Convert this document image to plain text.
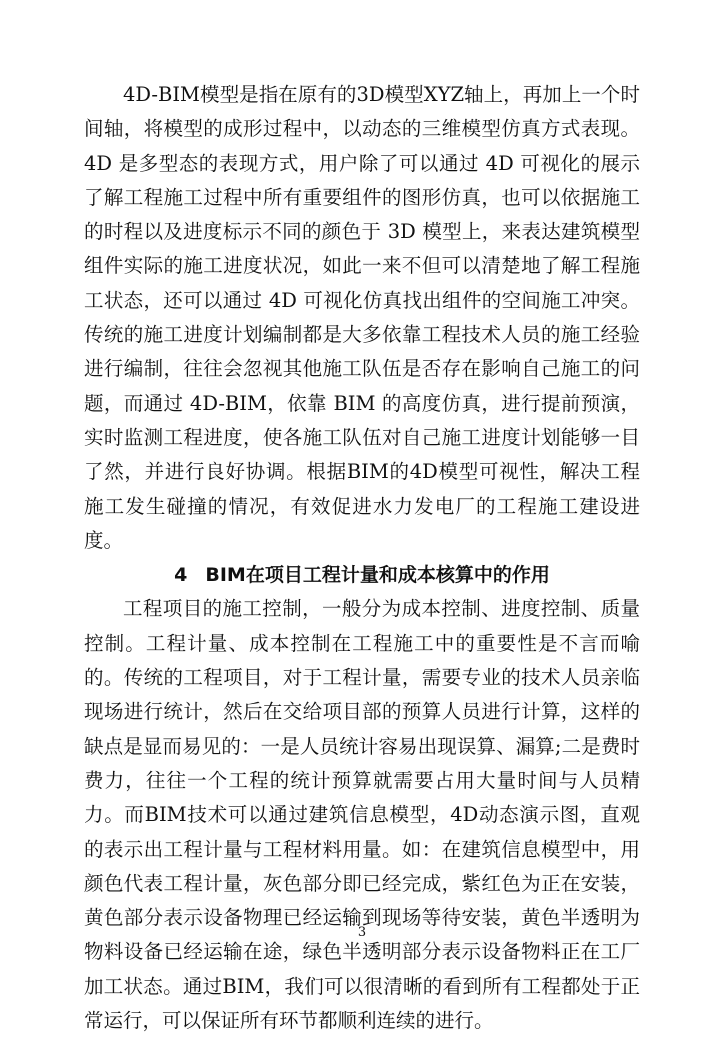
4D-BIM模型是指在原有的3D模型XYZ轴上，再加上一个时间轴，将模型的成形过程中，以动态的三维模型仿真方式表现。4D 是多型态的表现方式，用户除了可以通过 4D 可视化的展示了解工程施工过程中所有重要组件的图形仿真，也可以依据施工的时程以及进度标示不同的颜色于 3D 模型上，来表达建筑模型组件实际的施工进度状况，如此一来不但可以清楚地了解工程施工状态，还可以通过 4D 可视化仿真找出组件的空间施工冲突。传统的施工进度计划编制都是大多依靠工程技术人员的施工经验进行编制，往往会忽视其他施工队伍是否存在影响自己施工的问题，而通过 4D-BIM，依靠 BIM 的高度仿真，进行提前预演，实时监测工程进度，使各施工队伍对自己施工进度计划能够一目了然，并进行良好协调。根据BIM的4D模型可视性，解决工程施工发生碰撞的情况，有效促进水力发电厂的工程施工建设进度。

4 BIM在项目工程计量和成本核算中的作用

工程项目的施工控制，一般分为成本控制、进度控制、质量控制。工程计量、成本控制在工程施工中的重要性是不言而喻的。传统的工程项目，对于工程计量，需要专业的技术人员亲临现场进行统计，然后在交给项目部的预算人员进行计算，这样的缺点是显而易见的：一是人员统计容易出现误算、漏算;二是费时费力，往往一个工程的统计预算就需要占用大量时间与人员精力。而BIM技术可以通过建筑信息模型，4D动态演示图，直观的表示出工程计量与工程材料用量。如：在建筑信息模型中，用颜色代表工程计量，灰色部分即已经完成，紫红色为正在安装，黄色部分表示设备物理已经运输到现场等待安装，黄色半透明为物料设备已经运输在途，绿色半透明部分表示设备物料正在工厂加工状态。通过BIM，我们可以很清晰的看到所有工程都处于正常运行，可以保证所有环节都顺利连续的进行。

3
